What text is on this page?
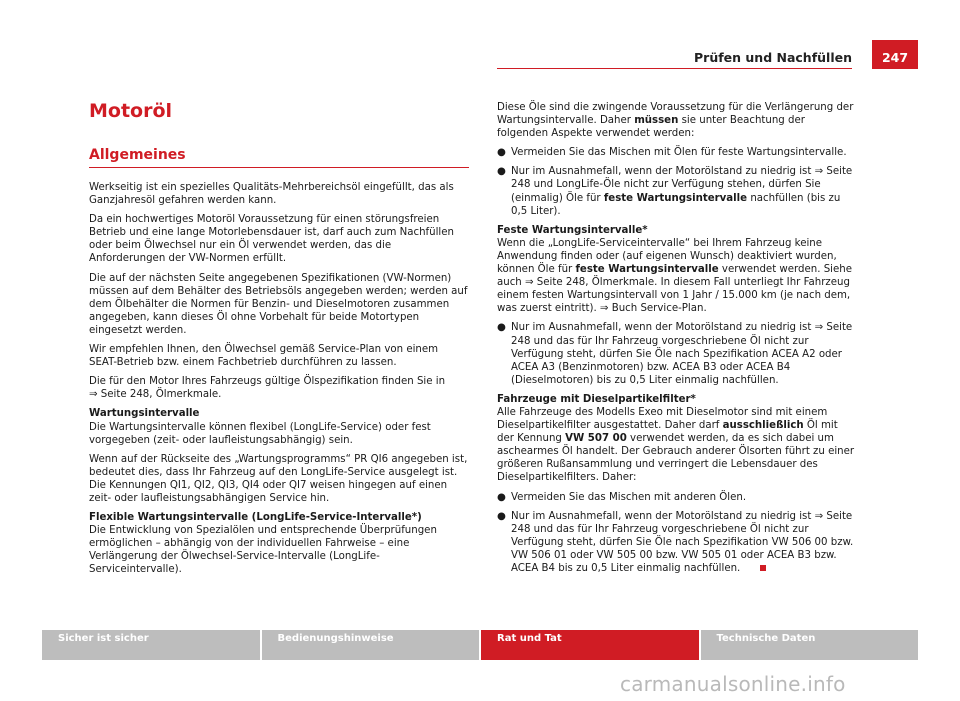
Prüfen und Nachfüllen	247
Motoröl
Allgemeines

Werkseitig ist ein spezielles Qualitäts-Mehrbereichsöl eingefüllt, das als Ganzjahresöl gefahren werden kann.

Da ein hochwertiges Motoröl Voraussetzung für einen störungsfreien Betrieb und eine lange Motorlebensdauer ist, darf auch zum Nachfüllen oder beim Ölwechsel nur ein Öl verwendet werden, das die Anforderungen der VW-Normen erfüllt.

Die auf der nächsten Seite angegebenen Spezifikationen (VW-Normen) müssen auf dem Behälter des Betriebsöls angegeben werden; werden auf dem Ölbehälter die Normen für Benzin- und Dieselmotoren zusammen angegeben, kann dieses Öl ohne Vorbehalt für beide Motortypen eingesetzt werden.

Wir empfehlen Ihnen, den Ölwechsel gemäß Service-Plan von einem SEAT-Betrieb bzw. einem Fachbetrieb durchführen zu lassen.

Die für den Motor Ihres Fahrzeugs gültige Ölspezifikation finden Sie in
⇒ Seite 248, Ölmerkmale.

Wartungsintervalle

Die Wartungsintervalle können flexibel (LongLife-Service) oder fest vorgegeben (zeit- oder laufleistungsabhängig) sein.

Wenn auf der Rückseite des „Wartungsprogramms“ PR QI6 angegeben ist, bedeutet dies, dass Ihr Fahrzeug auf den LongLife-Service ausgelegt ist. Die Kennungen QI1, QI2, QI3, QI4 oder QI7 weisen hingegen auf einen zeit- oder laufleistungsabhängigen Service hin.

Flexible Wartungsintervalle (LongLife-Service-Intervalle*)

Die Entwicklung von Spezialölen und entsprechende Überprüfungen ermöglichen – abhängig von der individuellen Fahrweise – eine Verlängerung der Ölwechsel-Service-Intervalle (LongLife-Serviceintervalle).

Diese Öle sind die zwingende Voraussetzung für die Verlängerung der Wartungsintervalle. Daher müssen sie unter Beachtung der folgenden Aspekte verwendet werden:

● Vermeiden Sie das Mischen mit Ölen für feste Wartungsintervalle.

● Nur im Ausnahmefall, wenn der Motorölstand zu niedrig ist ⇒ Seite 248 und LongLife-Öle nicht zur Verfügung stehen, dürfen Sie (einmalig) Öle für feste Wartungsintervalle nachfüllen (bis zu 0,5 Liter).

Feste Wartungsintervalle*

Wenn die „LongLife-Serviceintervalle“ bei Ihrem Fahrzeug keine Anwendung finden oder (auf eigenen Wunsch) deaktiviert wurden, können Öle für feste Wartungsintervalle verwendet werden. Siehe auch ⇒ Seite 248, Ölmerkmale. In diesem Fall unterliegt Ihr Fahrzeug einem festen Wartungsintervall von 1 Jahr / 15.000 km (je nach dem, was zuerst eintritt). ⇒ Buch Service-Plan.

● Nur im Ausnahmefall, wenn der Motorölstand zu niedrig ist ⇒ Seite 248 und das für Ihr Fahrzeug vorgeschriebene Öl nicht zur Verfügung steht, dürfen Sie Öle nach Spezifikation ACEA A2 oder ACEA A3 (Benzinmotoren) bzw. ACEA B3 oder ACEA B4 (Dieselmotoren) bis zu 0,5 Liter einmalig nachfüllen.

Fahrzeuge mit Dieselpartikelfilter*

Alle Fahrzeuge des Modells Exeo mit Dieselmotor sind mit einem Dieselpartikelfilter ausgestattet. Daher darf ausschließlich Öl mit der Kennung VW 507 00 verwendet werden, da es sich dabei um aschearmes Öl handelt. Der Gebrauch anderer Ölsorten führt zu einer größeren Rußansammlung und verringert die Lebensdauer des Dieselpartikelfilters. Daher:

● Vermeiden Sie das Mischen mit anderen Ölen.

● Nur im Ausnahmefall, wenn der Motorölstand zu niedrig ist ⇒ Seite 248 und das für Ihr Fahrzeug vorgeschriebene Öl nicht zur Verfügung steht, dürfen Sie Öle nach Spezifikation VW 506 00 bzw. VW 506 01 oder VW 505 00 bzw. VW 505 01 oder ACEA B3 bzw. ACEA B4 bis zu 0,5 Liter einmalig nachfüllen.

Sicher ist sicher	Bedienungshinweise	Rat und Tat	Technische Daten
carmanualsonline.info
